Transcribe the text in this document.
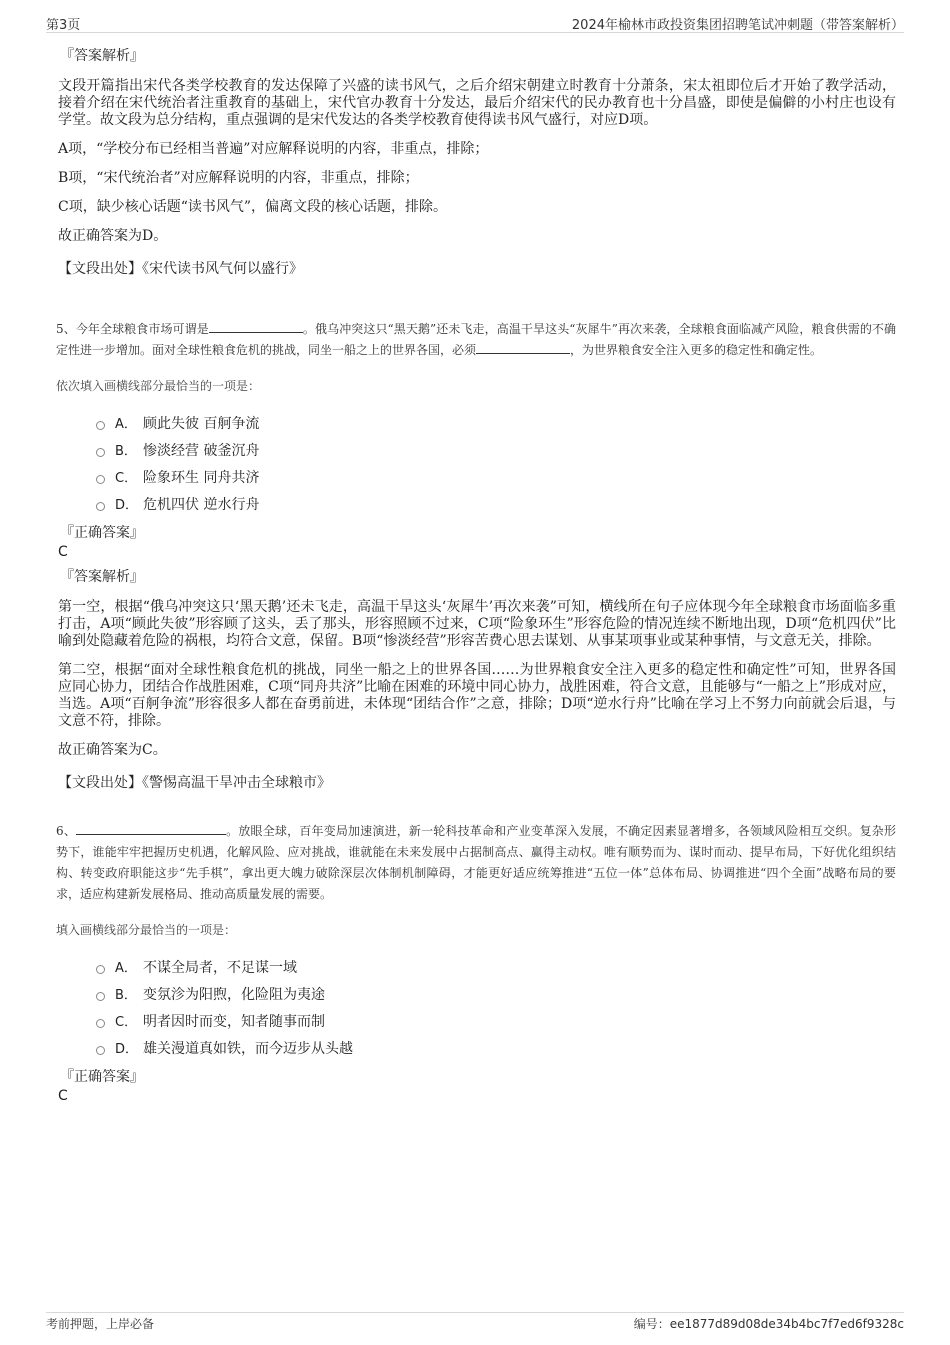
第3页	2024年榆林市政投资集团招聘笔试冲刺题（带答案解析）
『答案解析』

文段开篇指出宋代各类学校教育的发达保障了兴盛的读书风气，之后介绍宋朝建立时教育十分萧条，宋太祖即位后才开始了教学活动，接着介绍在宋代统治者注重教育的基础上，宋代官办教育十分发达，最后介绍宋代的民办教育也十分昌盛，即使是偏僻的小村庄也设有学堂。故文段为总分结构，重点强调的是宋代发达的各类学校教育使得读书风气盛行，对应D项。

A项，“学校分布已经相当普遍”对应解释说明的内容，非重点，排除；

B项，“宋代统治者”对应解释说明的内容，非重点，排除；

C项，缺少核心话题“读书风气”，偏离文段的核心话题，排除。

故正确答案为D。

【文段出处】《宋代读书风气何以盛行》

5、今年全球粮食市场可谓是	。俄乌冲突这只“黑天鹅”还未飞走，高温干旱这头“灰犀牛”再次来袭，全球粮食面临减产风险，粮食供需的不确定性进一步增加。面对全球性粮食危机的挑战，同坐一船之上的世界各国，必须	，为世界粮食安全注入更多的稳定性和确定性。

依次填入画横线部分最恰当的一项是：
A． 顾此失彼 百舸争流
B． 惨淡经营 破釜沉舟
C． 险象环生 同舟共济
D． 危机四伏 逆水行舟
『正确答案』
C
『答案解析』

第一空，根据“俄乌冲突这只‘黑天鹅’还未飞走，高温干旱这头‘灰犀牛’再次来袭”可知，横线所在句子应体现今年全球粮食市场面临多重打击，A项“顾此失彼”形容顾了这头，丢了那头，形容照顾不过来，C项“险象环生”形容危险的情况连续不断地出现，D项“危机四伏”比喻到处隐藏着危险的祸根，均符合文意，保留。B项“惨淡经营”形容苦费心思去谋划、从事某项事业或某种事情，与文意无关，排除。

第二空，根据“面对全球性粮食危机的挑战，同坐一船之上的世界各国……为世界粮食安全注入更多的稳定性和确定性”可知，世界各国应同心协力，团结合作战胜困难，C项“同舟共济”比喻在困难的环境中同心协力，战胜困难，符合文意，且能够与“一船之上”形成对应，当选。A项“百舸争流”形容很多人都在奋勇前进，未体现“团结合作”之意，排除；D项“逆水行舟”比喻在学习上不努力向前就会后退，与文意不符，排除。

故正确答案为C。

【文段出处】《警惕高温干旱冲击全球粮市》

6、	。放眼全球，百年变局加速演进，新一轮科技革命和产业变革深入发展，不确定因素显著增多，各领域风险相互交织。复杂形势下，谁能牢牢把握历史机遇，化解风险、应对挑战，谁就能在未来发展中占据制高点、赢得主动权。唯有顺势而为、谋时而动、提早布局，下好优化组织结构、转变政府职能这步“先手棋”，拿出更大魄力破除深层次体制机制障碍，才能更好适应统筹推进“五位一体”总体布局、协调推进“四个全面”战略布局的要求，适应构建新发展格局、推动高质量发展的需要。

填入画横线部分最恰当的一项是：
A． 不谋全局者，不足谋一域
B． 变氛沴为阳煦，化险阻为夷途
C． 明者因时而变，知者随事而制
D． 雄关漫道真如铁，而今迈步从头越
『正确答案』
C
考前押题，上岸必备	编号：ee1877d89d08de34b4bc7f7ed6f9328c
